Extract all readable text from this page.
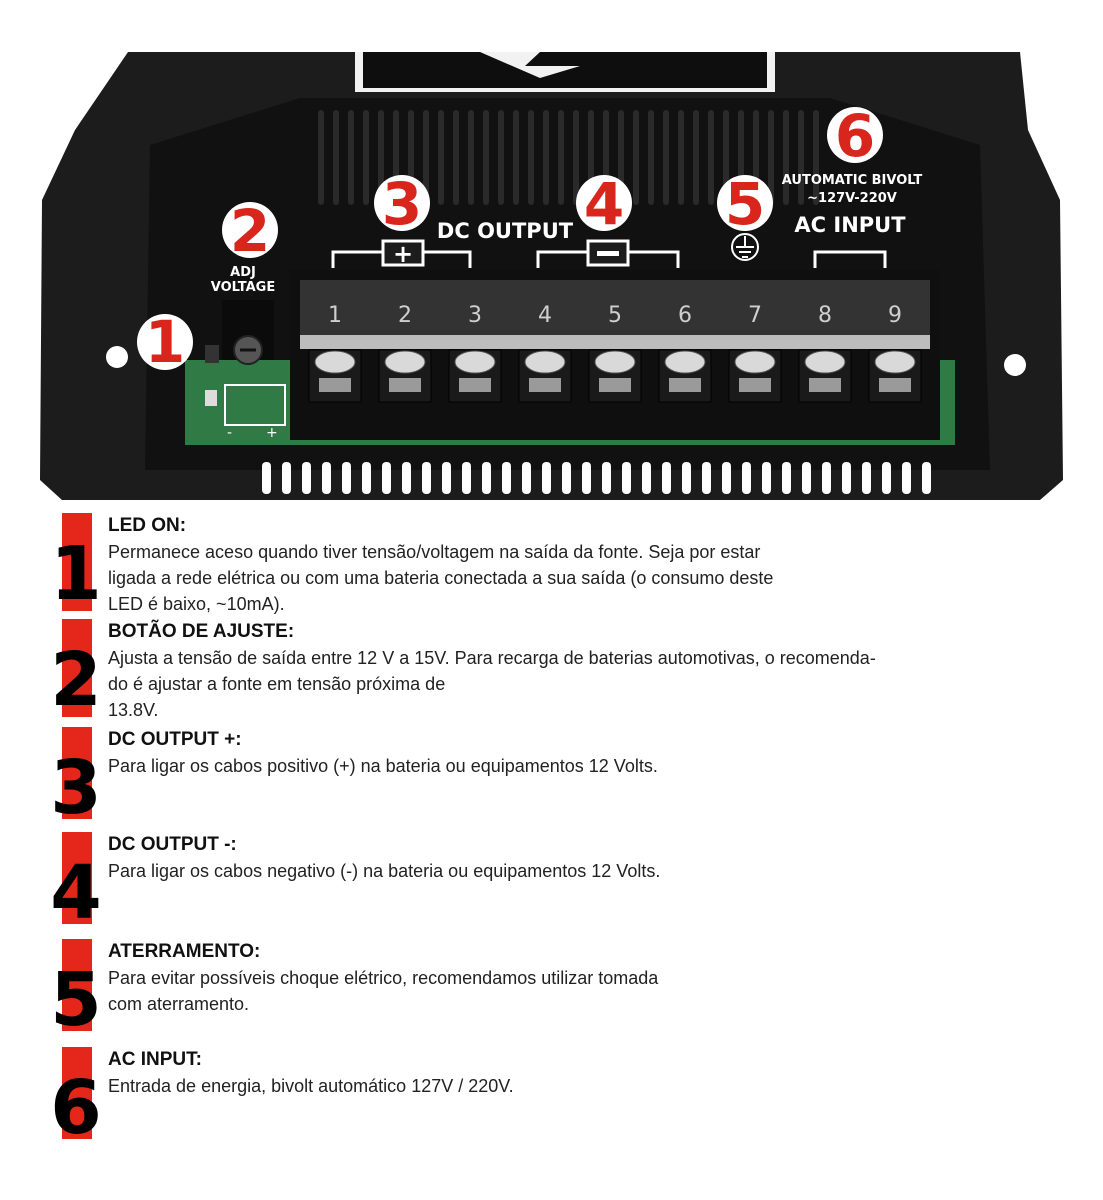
- +
1	2	3	4	5	6	7	8	9
+
DC OUTPUT	AC INPUT
ADJ
VOLTAGE
AUTOMATIC BIVOLT
~127V-220V
1
2 3	4 5
6
1
LED ON:
Permanece aceso quando tiver tensão/voltagem na saída da fonte. Seja por estar
ligada a rede elétrica ou com uma bateria conectada a sua saída (o consumo deste
LED é baixo, ~10mA).
2
BOTÃO DE AJUSTE:
Ajusta a tensão de saída entre 12 V a 15V. Para recarga de baterias automotivas, o recomenda-
do é ajustar a fonte em tensão próxima de
13.8V.
3
DC OUTPUT +:
Para ligar os cabos positivo (+) na bateria ou equipamentos 12 Volts.
4
DC OUTPUT -:
Para ligar os cabos negativo (-) na bateria ou equipamentos 12 Volts.
5
ATERRAMENTO:
Para evitar possíveis choque elétrico, recomendamos utilizar tomada
com aterramento.
6
AC INPUT:
Entrada de energia, bivolt automático 127V / 220V.
